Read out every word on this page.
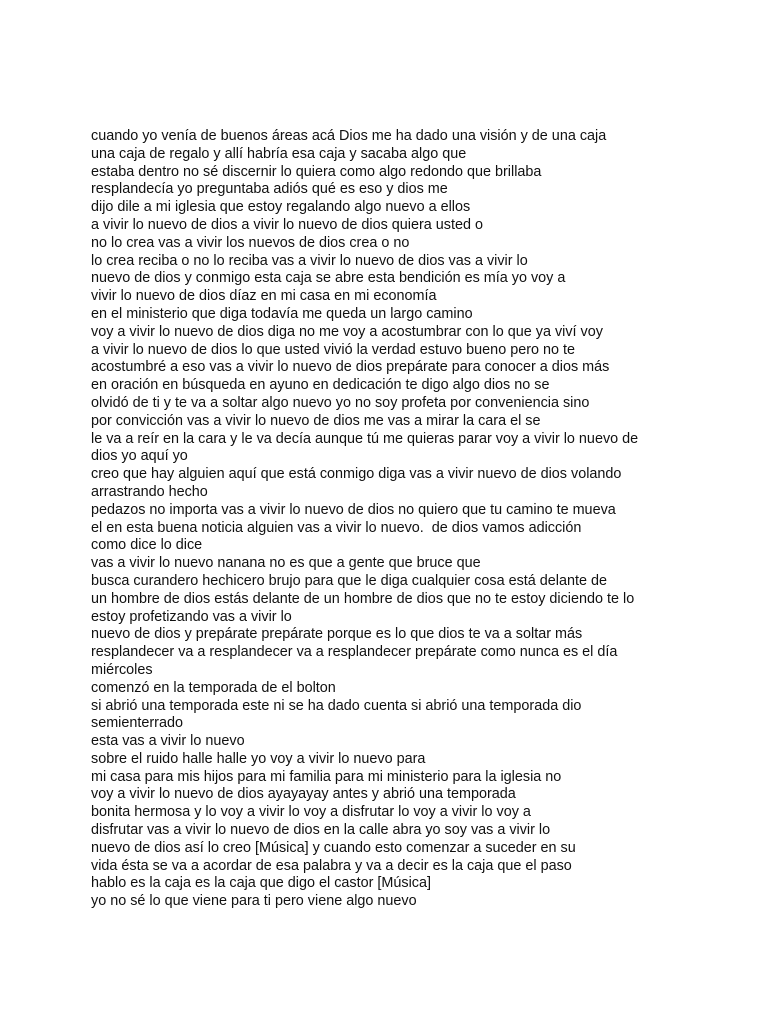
cuando yo venía de buenos áreas acá Dios me ha dado una visión y de una caja
una caja de regalo y allí habría esa caja y sacaba algo que
estaba dentro no sé discernir lo quiera como algo redondo que brillaba
resplandecía yo preguntaba adiós qué es eso y dios me
dijo dile a mi iglesia que estoy regalando algo nuevo a ellos
a vivir lo nuevo de dios a vivir lo nuevo de dios quiera usted o
no lo crea vas a vivir los nuevos de dios crea o no
lo crea reciba o no lo reciba vas a vivir lo nuevo de dios vas a vivir lo
nuevo de dios y conmigo esta caja se abre esta bendición es mía yo voy a
vivir lo nuevo de dios díaz en mi casa en mi economía
en el ministerio que diga todavía me queda un largo camino
voy a vivir lo nuevo de dios diga no me voy a acostumbrar con lo que ya viví voy
a vivir lo nuevo de dios lo que usted vivió la verdad estuvo bueno pero no te
acostumbré a eso vas a vivir lo nuevo de dios prepárate para conocer a dios más
en oración en búsqueda en ayuno en dedicación te digo algo dios no se
olvidó de ti y te va a soltar algo nuevo yo no soy profeta por conveniencia sino
por convicción vas a vivir lo nuevo de dios me vas a mirar la cara el se
le va a reír en la cara y le va decía aunque tú me quieras parar voy a vivir lo nuevo de
dios yo aquí yo
creo que hay alguien aquí que está conmigo diga vas a vivir nuevo de dios volando
arrastrando hecho
pedazos no importa vas a vivir lo nuevo de dios no quiero que tu camino te mueva
el en esta buena noticia alguien vas a vivir lo nuevo.  de dios vamos adicción
como dice lo dice
vas a vivir lo nuevo nanana no es que a gente que bruce que
busca curandero hechicero brujo para que le diga cualquier cosa está delante de
un hombre de dios estás delante de un hombre de dios que no te estoy diciendo te lo
estoy profetizando vas a vivir lo
nuevo de dios y prepárate prepárate porque es lo que dios te va a soltar más
resplandecer va a resplandecer va a resplandecer prepárate como nunca es el día
miércoles
comenzó en la temporada de el bolton
si abrió una temporada este ni se ha dado cuenta si abrió una temporada dio
semienterrado
esta vas a vivir lo nuevo
sobre el ruido halle halle yo voy a vivir lo nuevo para
mi casa para mis hijos para mi familia para mi ministerio para la iglesia no
voy a vivir lo nuevo de dios ayayayay antes y abrió una temporada
bonita hermosa y lo voy a vivir lo voy a disfrutar lo voy a vivir lo voy a
disfrutar vas a vivir lo nuevo de dios en la calle abra yo soy vas a vivir lo
nuevo de dios así lo creo [Música] y cuando esto comenzar a suceder en su
vida ésta se va a acordar de esa palabra y va a decir es la caja que el paso
hablo es la caja es la caja que digo el castor [Música]
yo no sé lo que viene para ti pero viene algo nuevo
